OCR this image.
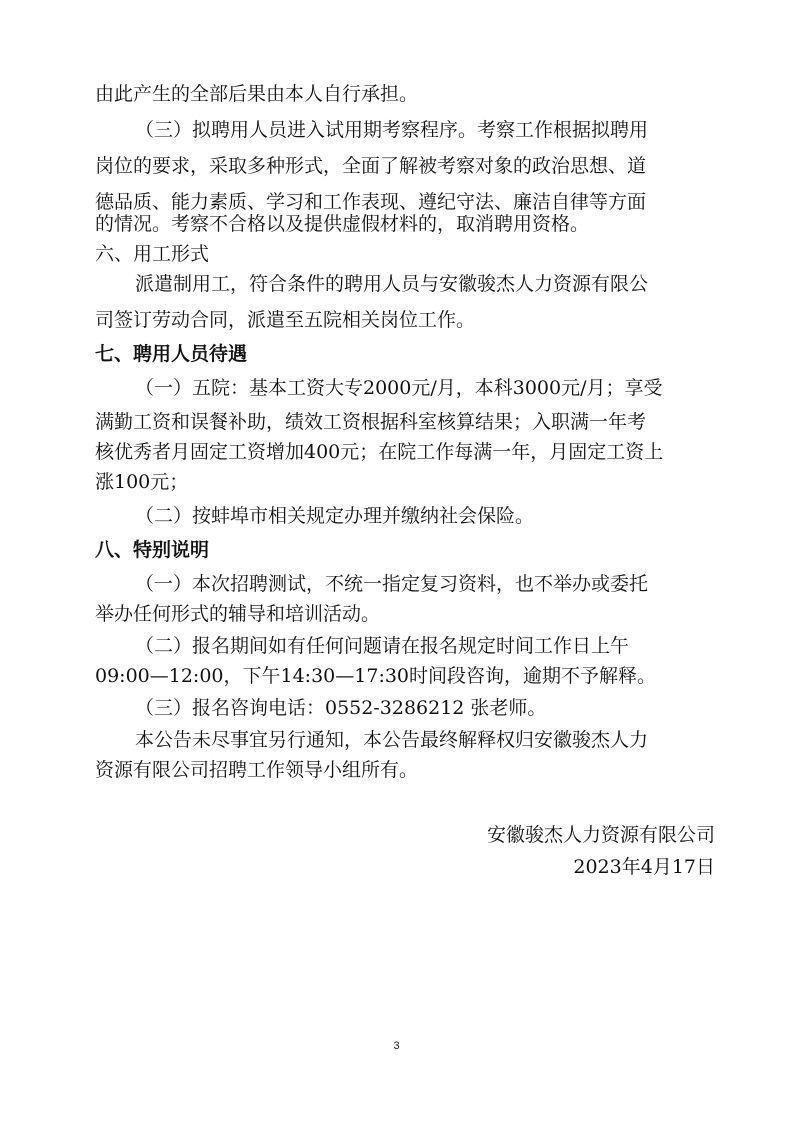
由此产生的全部后果由本人自行承担。
（三）拟聘用人员进入试用期考察程序。考察工作根据拟聘用
岗位的要求，采取多种形式，全面了解被考察对象的政治思想、道
德品质、能力素质、学习和工作表现、遵纪守法、廉洁自律等方面
的情况。考察不合格以及提供虚假材料的，取消聘用资格。
六、用工形式
派遣制用工，符合条件的聘用人员与安徽骏杰人力资源有限公
司签订劳动合同，派遣至五院相关岗位工作。
七、聘用人员待遇
（一）五院：基本工资大专2000元/月，本科3000元/月；享受
满勤工资和误餐补助，绩效工资根据科室核算结果；入职满一年考
核优秀者月固定工资增加400元；在院工作每满一年，月固定工资上
涨100元；
（二）按蚌埠市相关规定办理并缴纳社会保险。
八、特别说明
（一）本次招聘测试，不统一指定复习资料，也不举办或委托
举办任何形式的辅导和培训活动。
（二）报名期间如有任何问题请在报名规定时间工作日上午
09:00—12:00，下午14:30—17:30时间段咨询，逾期不予解释。
（三）报名咨询电话：0552-3286212 张老师。
本公告未尽事宜另行通知，本公告最终解释权归安徽骏杰人力
资源有限公司招聘工作领导小组所有。
安徽骏杰人力资源有限公司
2023年4月17日
3
